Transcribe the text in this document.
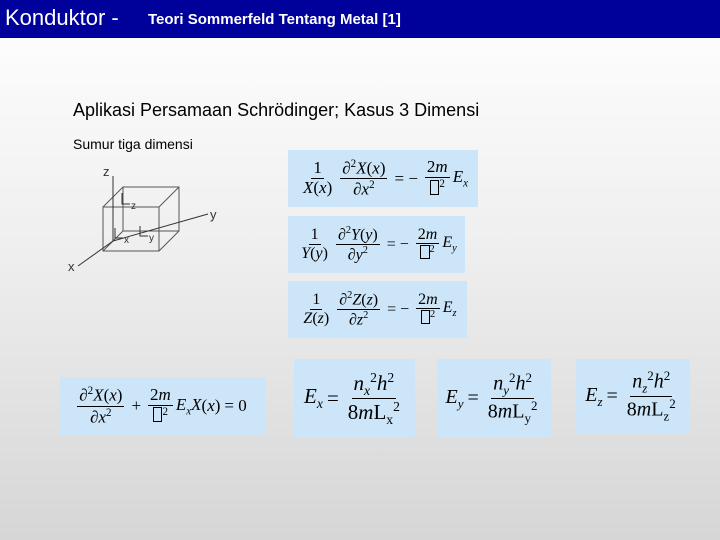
Konduktor - Teori Sommerfeld Tentang Metal [1]
Aplikasi Persamaan Schrödinger; Kasus 3 Dimensi
Sumur tiga dimensi
z
y
x
z
x y
$\frac{1}{X(x)} \frac{\partial^2X(x)}{\partial x^2}$ = − $\frac{2m}{^2} E_x$
$\frac{1}{Y(y)} \frac{\partial^2Y(y)}{\partial y^2}$ = − $\frac{2m}{^2} E_y$
$\frac{1}{Z(z)} \frac{\partial^2Z(z)}{\partial z^2}$ = − $\frac{2m}{^2} E_z$
$\frac{\partial^2X(x)}{\partial x^2} + \frac{2m}{^2} E_xX$ ( x ) = 0	$E_x = \frac{n_x^2h^2}{8mL_x^2} E_y = \frac{n_y^2h^2}{8mL_y^2} E_z = \frac{n_z^2h^2}{8mL_z^2}$
